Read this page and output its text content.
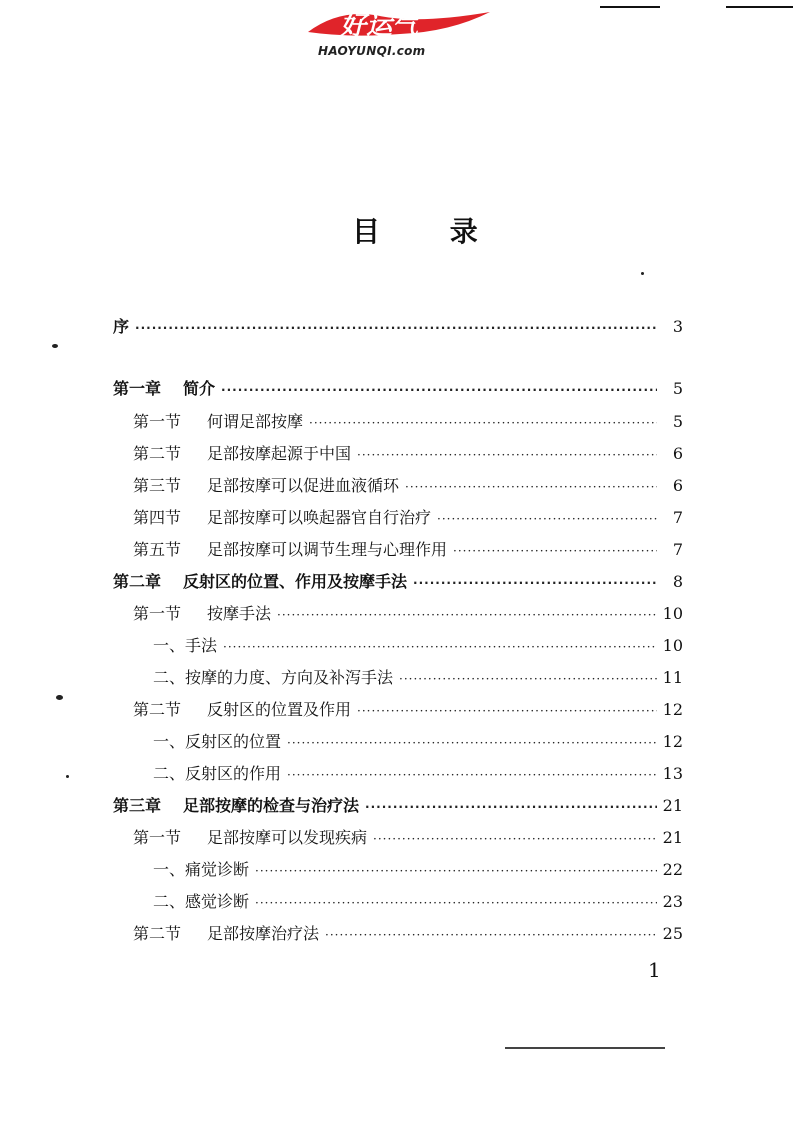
好运气
HAOYUNQI.com
目 录
序 ·····	3
第一章 简介 ·····	5
第一节 何谓足部按摩 ·····	5
第二节 足部按摩起源于中国 ·····	6
第三节 足部按摩可以促进血液循环 ·····	6
第四节 足部按摩可以唤起器官自行治疗 ·····	7
第五节 足部按摩可以调节生理与心理作用 ·····	7
第二章 反射区的位置、作用及按摩手法 ·····	8
第一节 按摩手法 ·····	10
一、手法 ·····	10
二、按摩的力度、方向及补泻手法 ·····	11
第二节 反射区的位置及作用 ·····	12
一、反射区的位置 ·····	12
二、反射区的作用 ·····	13
第三章 足部按摩的检查与治疗法 ·····	21
第一节 足部按摩可以发现疾病 ·····	21
一、痛觉诊断 ·····	22
二、感觉诊断 ·····	23
第二节 足部按摩治疗法 ·····	25
1
